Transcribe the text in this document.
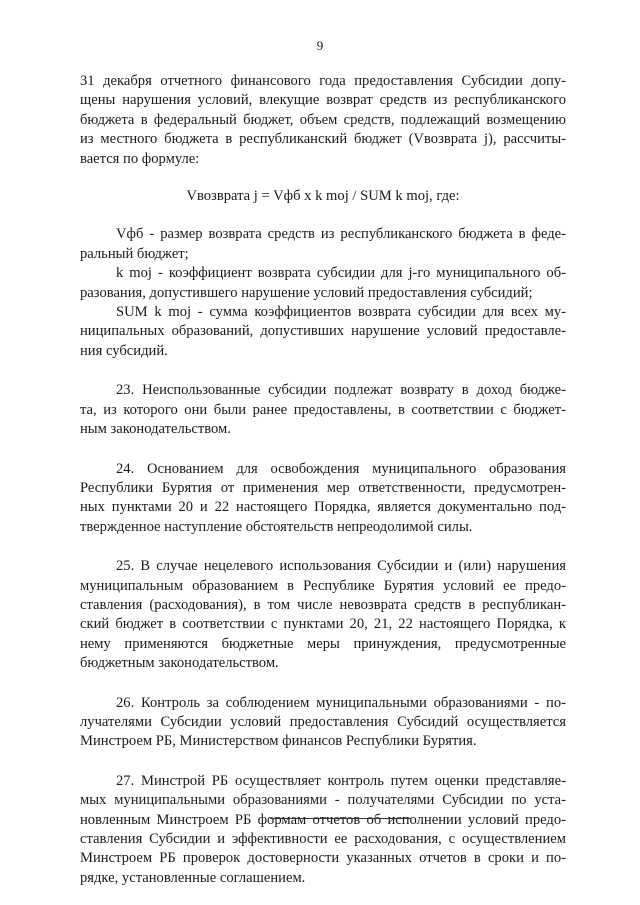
9

31 декабря отчетного финансового года предоставления Субсидии допу-
щены нарушения условий, влекущие возврат средств из республиканского
бюджета в федеральный бюджет, объем средств, подлежащий возмещению
из местного бюджета в республиканский бюджет (Vвозврата j), рассчиты-
вается по формуле:

Vвозврата j = Vфб x k moj / SUM k moj, где:

Vфб - размер возврата средств из республиканского бюджета в феде-
ральный бюджет;

k moj - коэффициент возврата субсидии для j-го муниципального об-
разования, допустившего нарушение условий предоставления субсидий;

SUM k moj - сумма коэффициентов возврата субсидии для всех му-
ниципальных образований, допустивших нарушение условий предоставле-
ния субсидий.

23. Неиспользованные субсидии подлежат возврату в доход бюдже-
та, из которого они были ранее предоставлены, в соответствии с бюджет-
ным законодательством.

24. Основанием для освобождения муниципального образования
Республики Бурятия от применения мер ответственности, предусмотрен-
ных пунктами 20 и 22 настоящего Порядка, является документально под-
твержденное наступление обстоятельств непреодолимой силы.

25. В случае нецелевого использования Субсидии и (или) нарушения
муниципальным образованием в Республике Бурятия условий ее предо-
ставления (расходования), в том числе невозврата средств в республикан-
ский бюджет в соответствии с пунктами 20, 21, 22 настоящего Порядка, к
нему применяются бюджетные меры принуждения, предусмотренные
бюджетным законодательством.

26. Контроль за соблюдением муниципальными образованиями - по-
лучателями Субсидии условий предоставления Субсидий осуществляется
Минстроем РБ, Министерством финансов Республики Бурятия.

27. Минстрой РБ осуществляет контроль путем оценки представляе-
мых муниципальными образованиями - получателями Субсидии по уста-
новленным Минстроем РБ формам отчетов об исполнении условий предо-
ставления Субсидии и эффективности ее расходования, с осуществлением
Минстроем РБ проверок достоверности указанных отчетов в сроки и по-
рядке, установленные соглашением.
